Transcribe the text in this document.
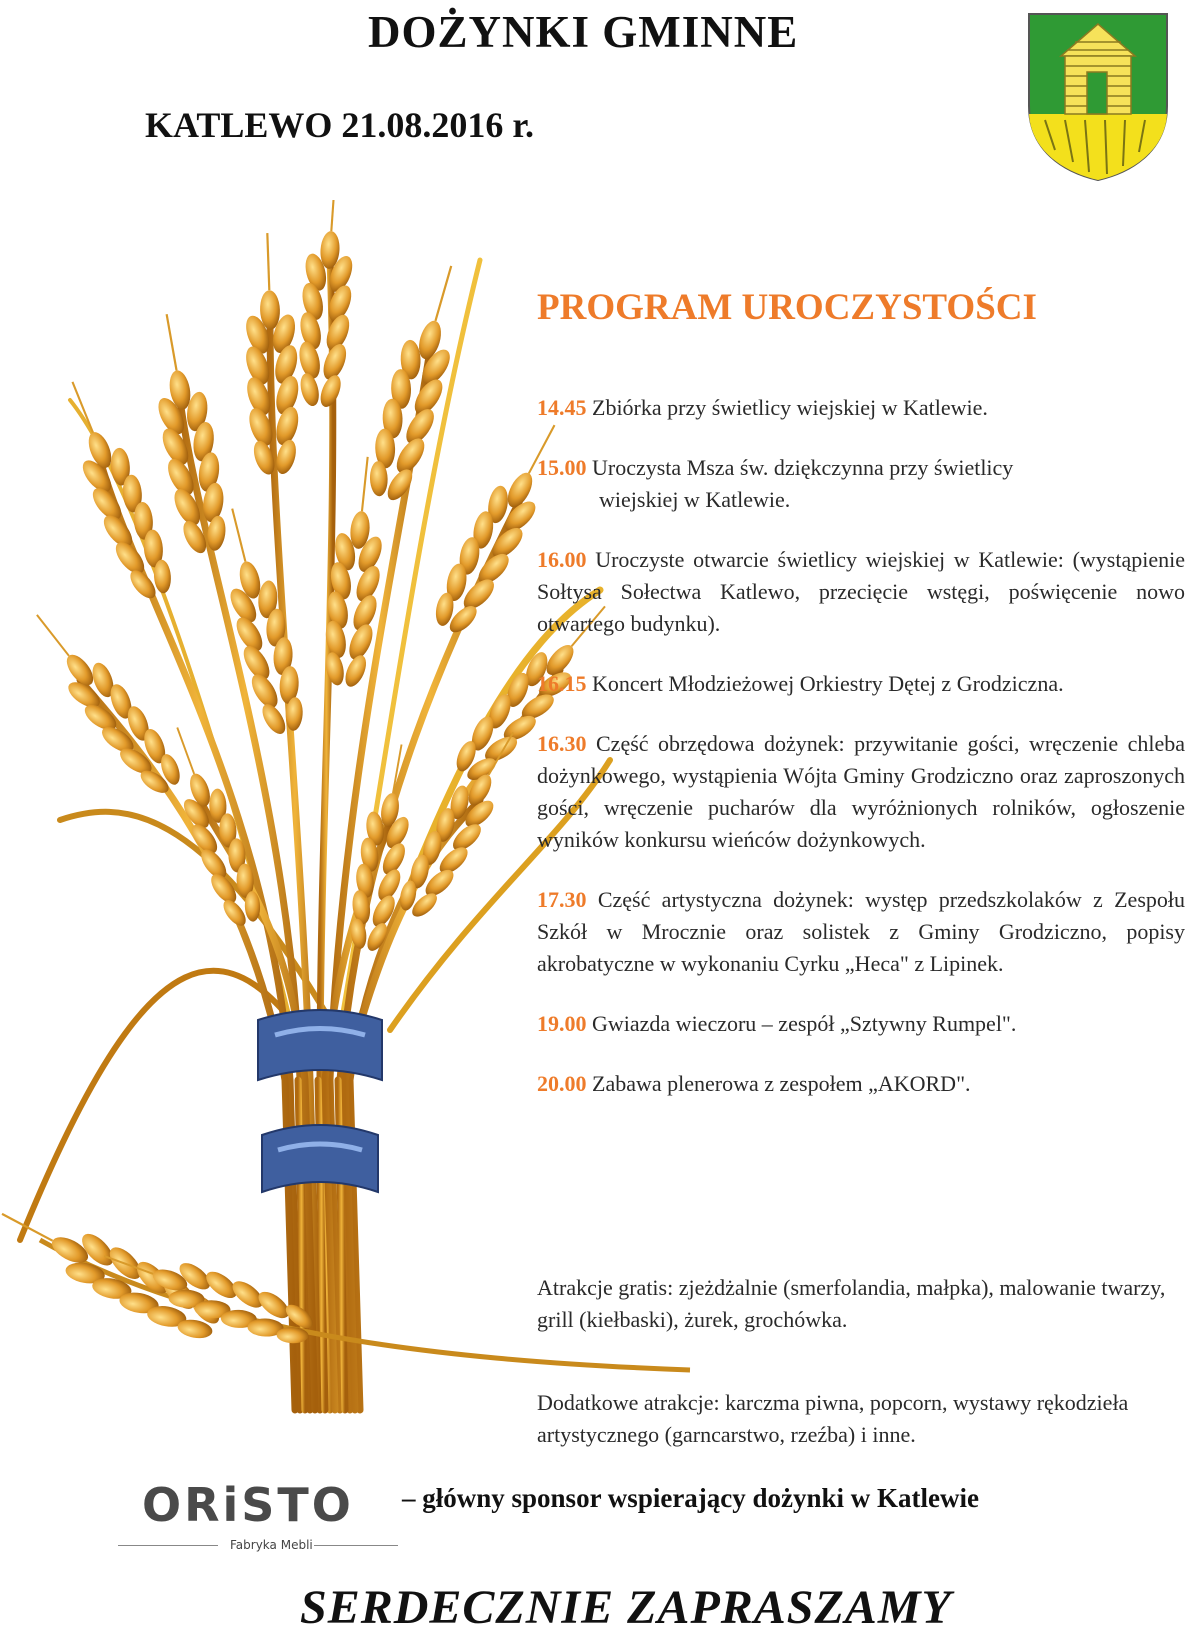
DOŻYNKI GMINNE
KATLEWO 21.08.2016 r.
PROGRAM UROCZYSTOŚCI
14.45 Zbiórka przy świetlicy wiejskiej w Katlewie.
15.00 Uroczysta Msza św. dziękczynna przy świetlicy
wiejskiej w Katlewie.
16.00 Uroczyste otwarcie świetlicy wiejskiej w Katlewie: (wystąpienie Sołtysa Sołectwa Katlewo, przecięcie wstęgi, poświęcenie nowo otwartego budynku).
16.15 Koncert Młodzieżowej Orkiestry Dętej z Grodziczna.
16.30 Część obrzędowa dożynek: przywitanie gości, wręczenie chleba dożynkowego, wystąpienia Wójta Gminy Grodziczno oraz zaproszonych gości, wręczenie pucharów dla wyróżnionych rolników, ogłoszenie wyników konkursu wieńców dożynkowych.
17.30 Część artystyczna dożynek: występ przedszkolaków z Zespołu Szkół w Mrocznie oraz solistek z Gminy Grodziczno, popisy akrobatyczne w wykonaniu Cyrku „Heca" z Lipinek.
19.00 Gwiazda wieczoru – zespół „Sztywny Rumpel".
20.00 Zabawa plenerowa z zespołem „AKORD".
Atrakcje gratis: zjeżdżalnie (smerfolandia, małpka), malowanie twarzy, grill (kiełbaski), żurek, grochówka.
Dodatkowe atrakcje: karczma piwna, popcorn, wystawy rękodzieła artystycznego (garncarstwo, rzeźba) i inne.
ORiSTO
Fabryka Mebli
– główny sponsor wspierający dożynki w Katlewie
SERDECZNIE ZAPRASZAMY
